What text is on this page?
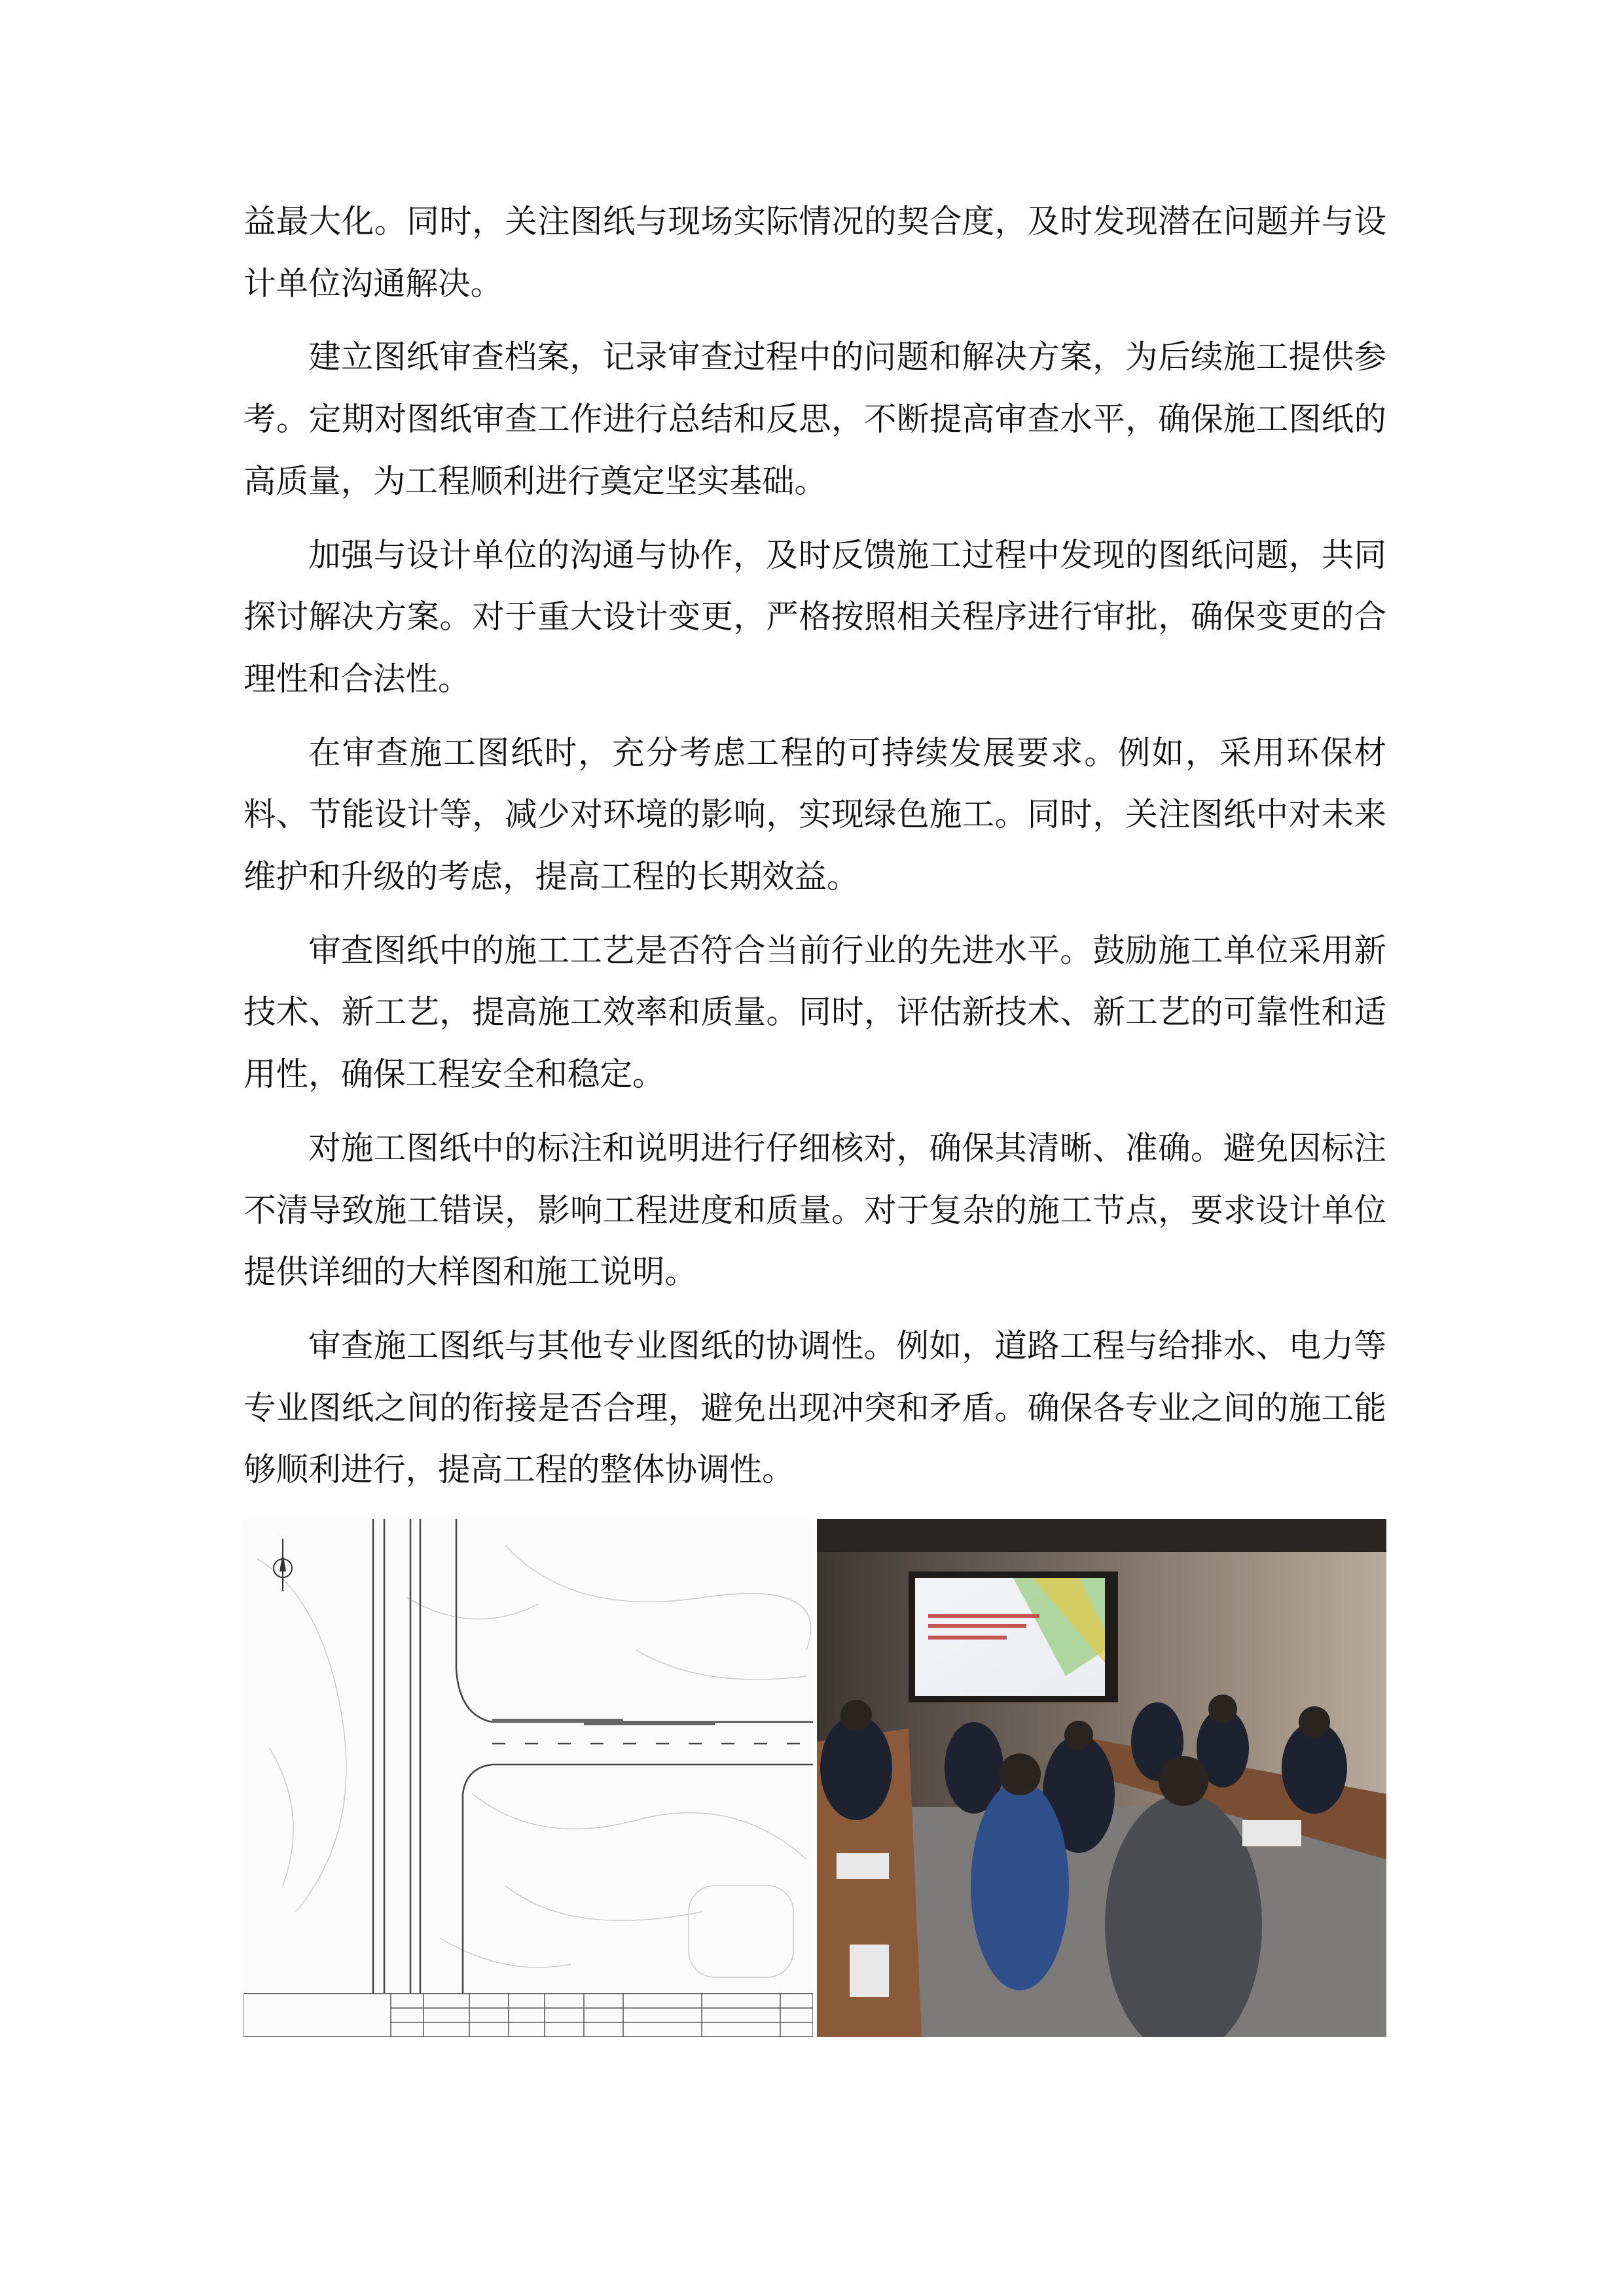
益最大化。同时，关注图纸与现场实际情况的契合度，及时发现潜在问题并与设计单位沟通解决。

建立图纸审查档案，记录审查过程中的问题和解决方案，为后续施工提供参考。定期对图纸审查工作进行总结和反思，不断提高审查水平，确保施工图纸的高质量，为工程顺利进行奠定坚实基础。

加强与设计单位的沟通与协作，及时反馈施工过程中发现的图纸问题，共同探讨解决方案。对于重大设计变更，严格按照相关程序进行审批，确保变更的合理性和合法性。

在审查施工图纸时，充分考虑工程的可持续发展要求。例如，采用环保材料、节能设计等，减少对环境的影响，实现绿色施工。同时，关注图纸中对未来维护和升级的考虑，提高工程的长期效益。

审查图纸中的施工工艺是否符合当前行业的先进水平。鼓励施工单位采用新技术、新工艺，提高施工效率和质量。同时，评估新技术、新工艺的可靠性和适用性，确保工程安全和稳定。

对施工图纸中的标注和说明进行仔细核对，确保其清晰、准确。避免因标注不清导致施工错误，影响工程进度和质量。对于复杂的施工节点，要求设计单位提供详细的大样图和施工说明。

审查施工图纸与其他专业图纸的协调性。例如，道路工程与给排水、电力等专业图纸之间的衔接是否合理，避免出现冲突和矛盾。确保各专业之间的施工能够顺利进行，提高工程的整体协调性。
